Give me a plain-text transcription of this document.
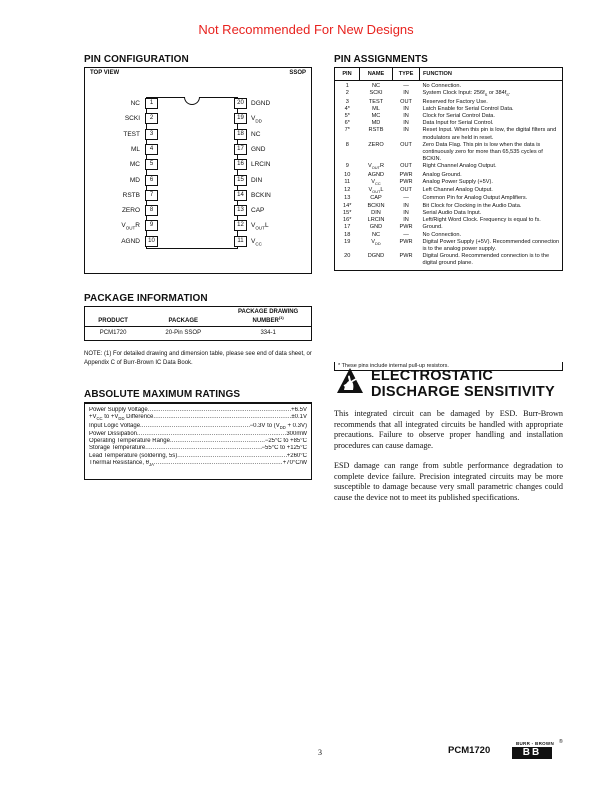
Not Recommended For New Designs
PIN CONFIGURATION
TOP VIEW	SSOP
NC	1
SCKI	2
TEST	3
ML	4
MC	5
MD	6
RSTB	7
ZERO	8
$V_{OUT}R$	9
AGND	10
20	DGND
19	$V_{DD}$
18	NC
17	GND
16	LRCIN
15	DIN
14	BCKIN
13	CAP
12	$V_{OUT}L$
11	$V_{CC}$
PACKAGE INFORMATION
PRODUCT	PACKAGE	PACKAGE DRAWING NUMBER$^{(1)}$
PCM1720	20-Pin SSOP	334-1
NOTE: (1) For detailed drawing and dimension table, please see end of data sheet, or Appendix C of Burr-Brown IC Data Book.
ABSOLUTE MAXIMUM RATINGS
Power Supply Voltage .....	+6.5V
$+V_{CC}$ to $+V_{DD}$ Difference .....	±0.1V
Input Logic Voltage .....	−0.3V to $(V_{DD} + 0.3V)$
Power Dissipation .....	300mW
Operating Temperature Range .....	−25°C to +85°C
Storage Temperature .....	−55°C to +125°C
Lead Temperature (soldering, 5s) .....	+260°C
Thermal Resistance, $\theta_{JA}$ .....	+70°C/W
PIN ASSIGNMENTS
PIN	NAME	TYPE	FUNCTION
1	NC	—	No Connection.
2	SCKI	IN	System Clock Input: $256f_S$ or $384f_S$.
3	TEST	OUT	Reserved for Factory Use.
4*	ML	IN	Latch Enable for Serial Control Data.
5*	MC	IN	Clock for Serial Control Data.
6*	MD	IN	Data Input for Serial Control.
7*	RSTB	IN	Reset Input. When this pin is low, the digital filters and modulators are held in reset.
8	ZERO	OUT	Zero Data Flag. This pin is low when the data is continuously zero for more than 65,535 cycles of BCKIN.
9	$V_{OUT}R$	OUT	Right Channel Analog Output.
10	AGND	PWR	Analog Ground.
11	$V_{CC}$	PWR	Analog Power Supply (+5V).
12	$V_{OUT}L$	OUT	Left Channel Analog Output.
13	CAP	—	Common Pin for Analog Output Amplifiers.
14*	BCKIN	IN	Bit Clock for Clocking in the Audio Data.
15*	DIN	IN	Serial Audio Data Input.
16*	LRCIN	IN	Left/Right Word Clock. Frequency is equal to fs.
17	GND	PWR	Ground.
18	NC	—	No Connection.
19	$V_{DD}$	PWR	Digital Power Supply (+5V). Recommended connection is to the analog power supply.
20	DGND	PWR	Digital Ground. Recommended connection is to the digital ground plane.
* These pins include internal pull-up resistors.
ELECTROSTATIC
DISCHARGE SENSITIVITY

This integrated circuit can be damaged by ESD. Burr-Brown recommends that all integrated circuits be handled with appropriate precautions. Failure to observe proper handling and installation procedures can cause damage.

ESD damage can range from subtle performance degradation to complete device failure. Precision integrated circuits may be more susceptible to damage because very small parametric changes could cause the device not to meet its published specifications.

3	PCM1720
BURR - BROWN
BB
®
